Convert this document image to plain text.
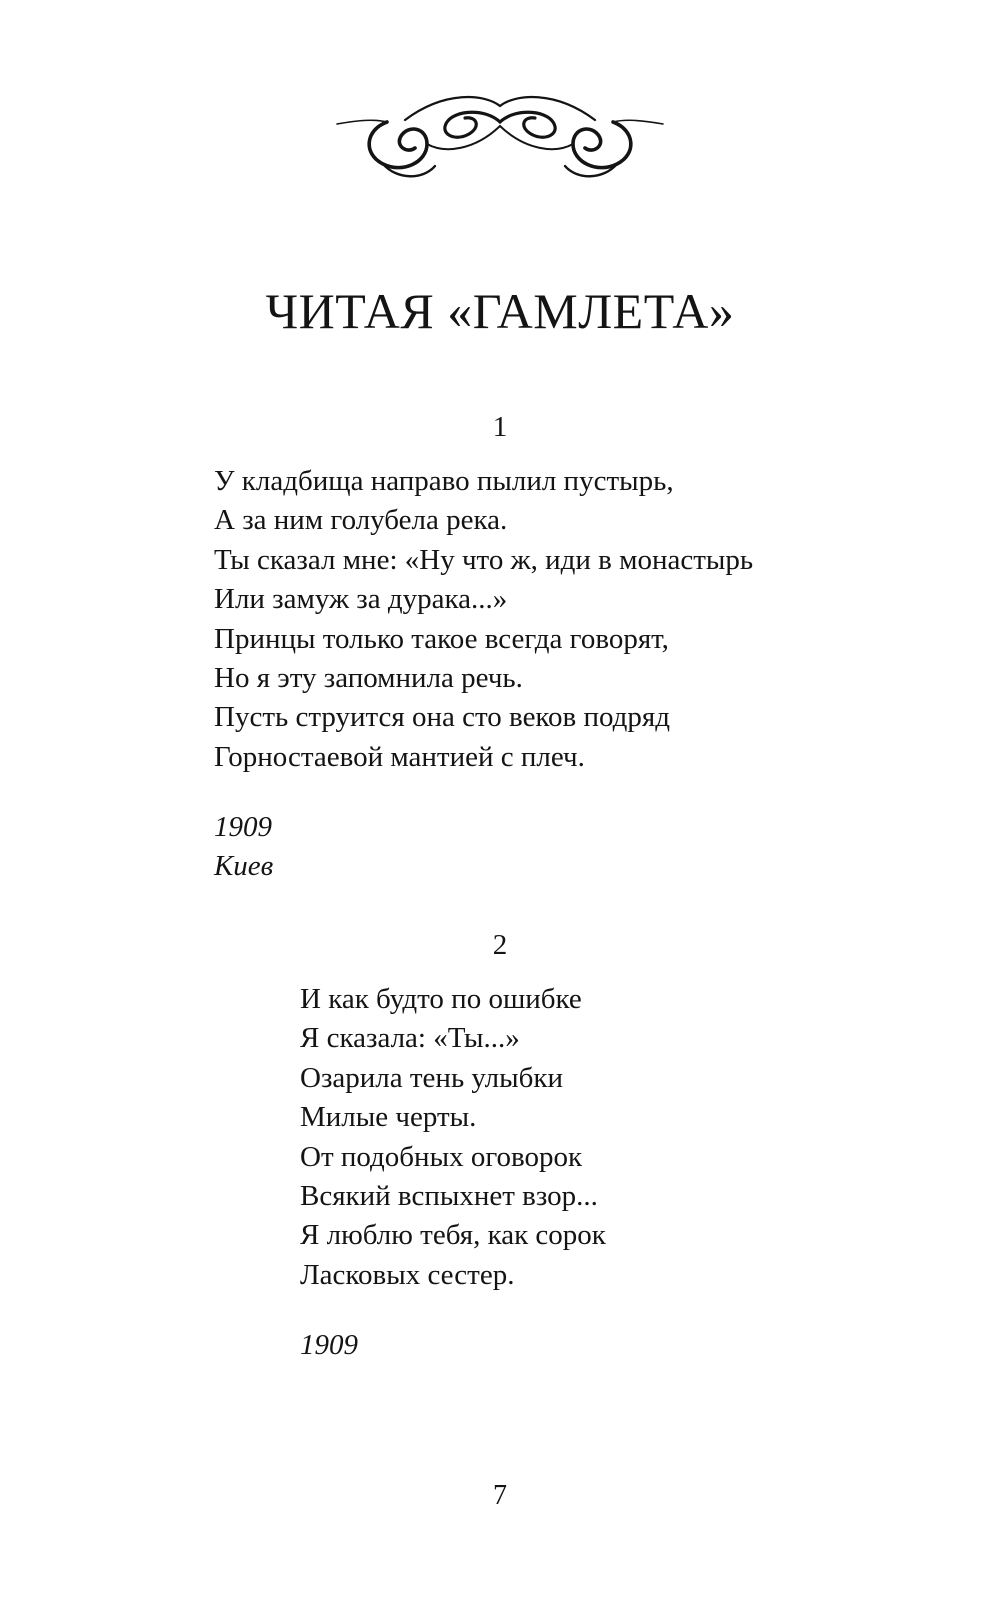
ЧИТАЯ «ГАМЛЕТА»
1
У кладбища направо пылил пустырь,
А за ним голубела река.
Ты сказал мне: «Ну что ж, иди в монастырь
Или замуж за дурака...»
Принцы только такое всегда говорят,
Но я эту запомнила речь.
Пусть струится она сто веков подряд
Горностаевой мантией с плеч.
1909
Киев
2
И как будто по ошибке
Я сказала: «Ты...»
Озарила тень улыбки
Милые черты.
От подобных оговорок
Всякий вспыхнет взор...
Я люблю тебя, как сорок
Ласковых сестер.
1909
7
